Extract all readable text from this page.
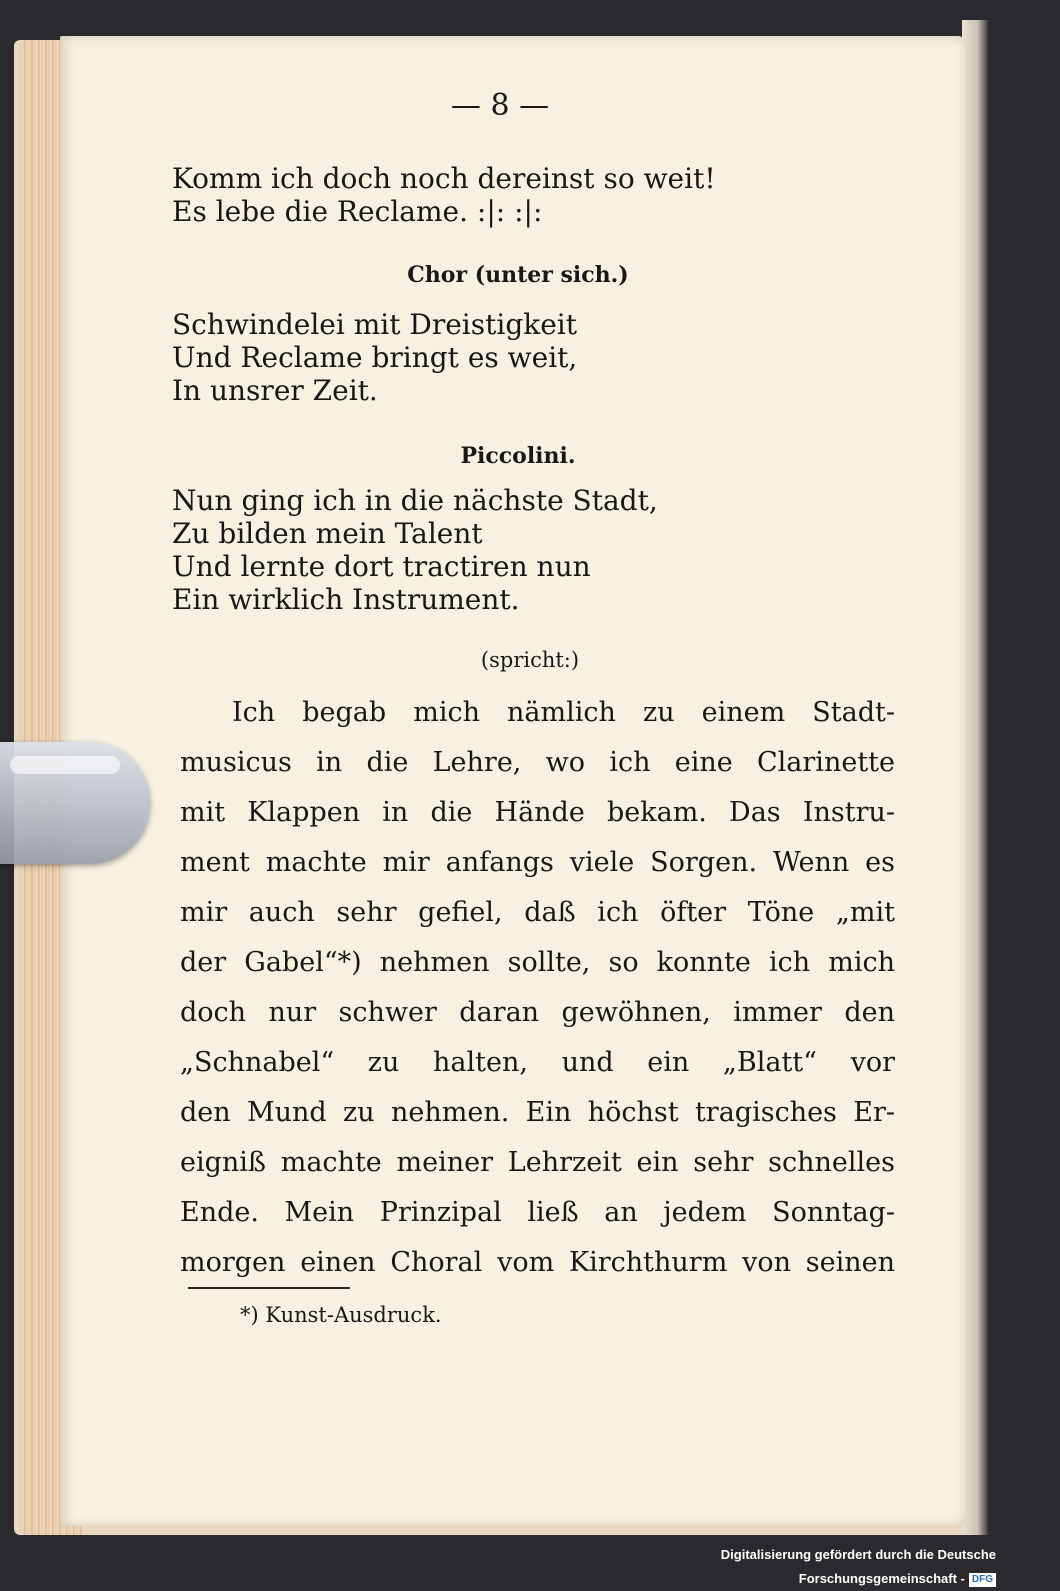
— 8 —
Komm ich doch noch dereinst so weit!
Es lebe die Reclame. :|: :|:
Chor (unter sich.)
Schwindelei mit Dreistigkeit
Und Reclame bringt es weit,
In unsrer Zeit.
Piccolini.
Nun ging ich in die nächste Stadt,
Zu bilden mein Talent
Und lernte dort tractiren nun
Ein wirklich Instrument.
(spricht:)
Ich begab mich nämlich zu einem Stadt-
musicus in die Lehre, wo ich eine Clarinette
mit Klappen in die Hände bekam. Das Instru-
ment machte mir anfangs viele Sorgen. Wenn es
mir auch sehr gefiel, daß ich öfter Töne „mit
der Gabel“*) nehmen sollte, so konnte ich mich
doch nur schwer daran gewöhnen, immer den
„Schnabel“ zu halten, und ein „Blatt“ vor
den Mund zu nehmen. Ein höchst tragisches Er-
eigniß machte meiner Lehrzeit ein sehr schnelles
Ende. Mein Prinzipal ließ an jedem Sonntag-
morgen einen Choral vom Kirchthurm von seinen
*) Kunst-Ausdruck.
Digitalisierung gefördert durch die Deutsche Forschungsgemeinschaft - DFG
